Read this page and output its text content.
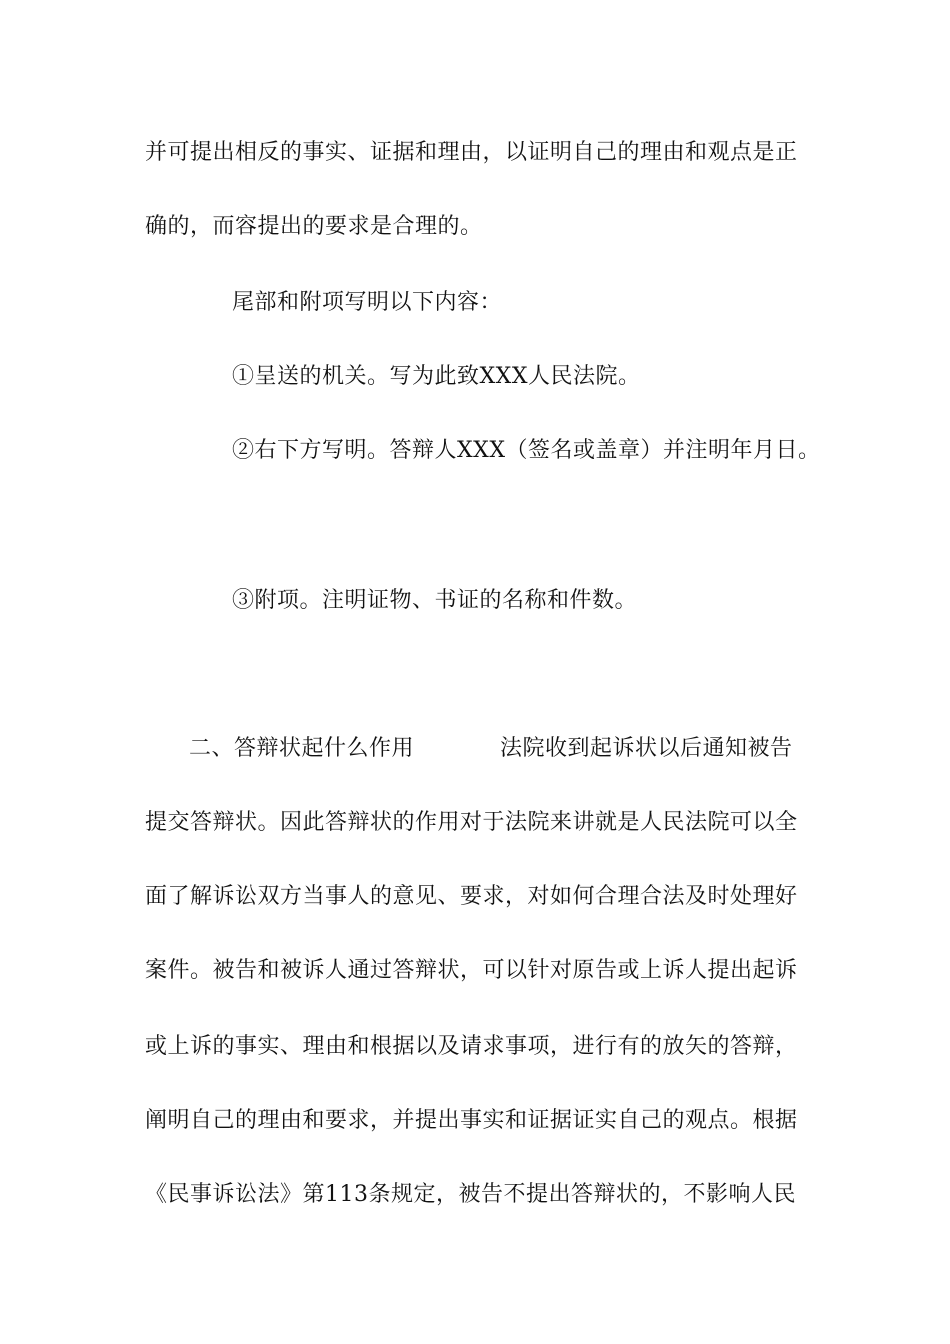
并可提出相反的事实、证据和理由，以证明自己的理由和观点是正
确的，而容提出的要求是合理的。
尾部和附项写明以下内容：
①呈送的机关。写为此致XXX人民法院。
②右下方写明。答辩人XXX（签名或盖章）并注明年月日。
③附项。注明证物、书证的名称和件数。
二、答辩状起什么作用	法院收到起诉状以后通知被告
提交答辩状。因此答辩状的作用对于法院来讲就是人民法院可以全
面了解诉讼双方当事人的意见、要求，对如何合理合法及时处理好
案件。被告和被诉人通过答辩状，可以针对原告或上诉人提出起诉
或上诉的事实、理由和根据以及请求事项，进行有的放矢的答辩，
阐明自己的理由和要求，并提出事实和证据证实自己的观点。根据
《民事诉讼法》第113条规定，被告不提出答辩状的，不影响人民
